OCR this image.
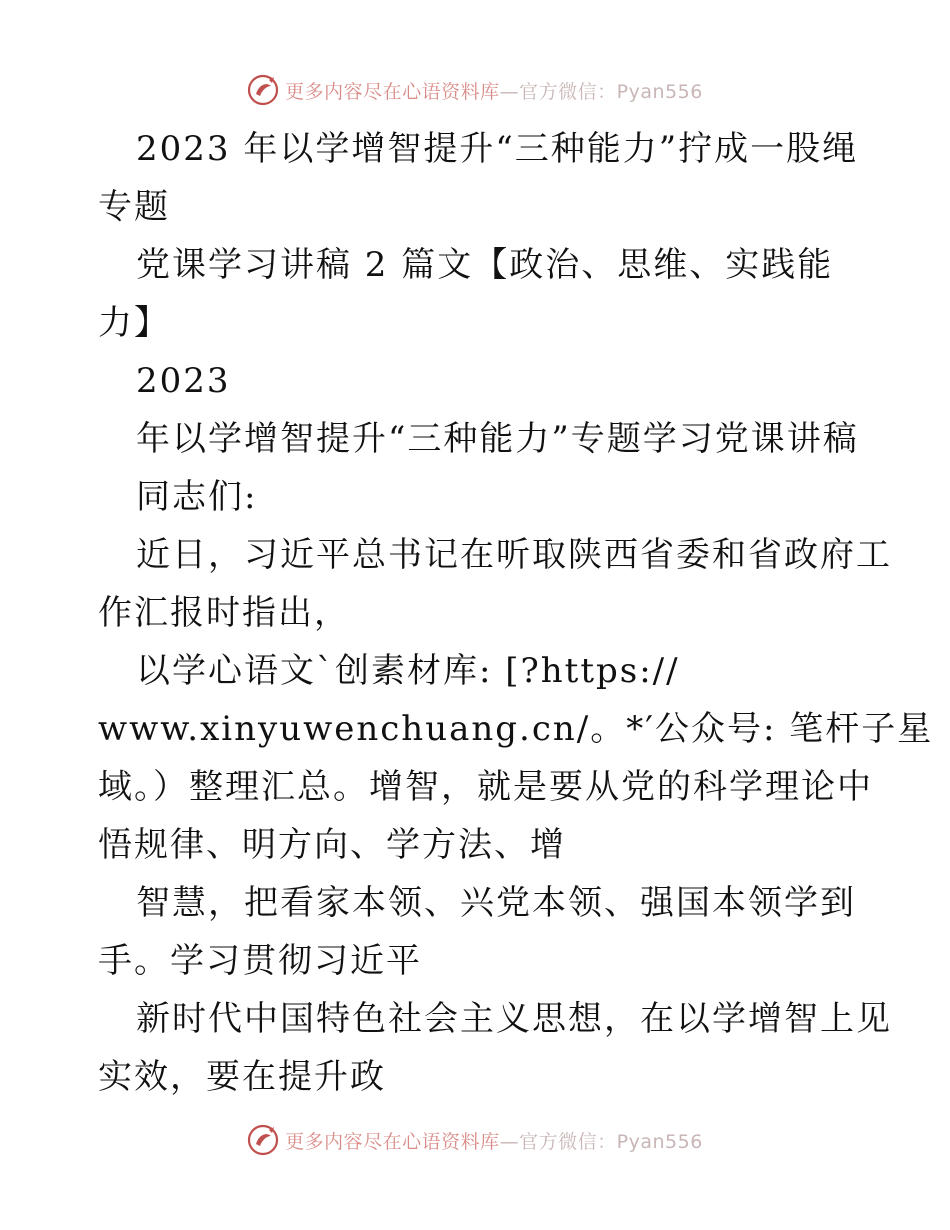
更多内容尽在心语资料库—官方微信：Pyan556
2023 年以学增智提升“三种能力”拧成一股绳
专题
党课学习讲稿 2 篇文【政治、思维、实践能
力】
2023
年以学增智提升“三种能力”专题学习党课讲稿
同志们:
近日，习近平总书记在听取陕西省委和省政府工
作汇报时指出，
以学心语文`创素材库: [?https://
www.xinyuwenchuang.cn/。*′公众号: 笔杆子星
域。）整理汇总。增智，就是要从党的科学理论中
悟规律、明方向、学方法、增
智慧，把看家本领、兴党本领、强国本领学到
手。学习贯彻习近平
新时代中国特色社会主义思想，在以学增智上见
实效，要在提升政
更多内容尽在心语资料库—官方微信：Pyan556
